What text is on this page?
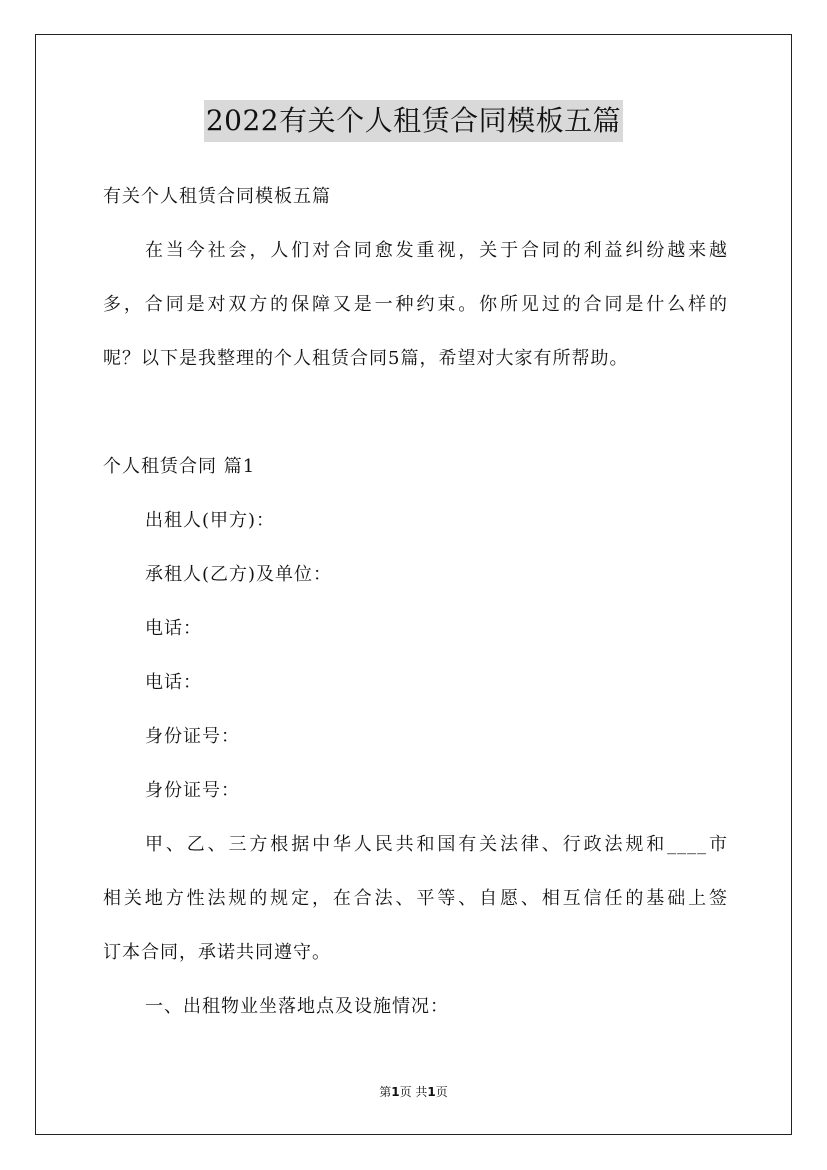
2022有关个人租赁合同模板五篇
有关个人租赁合同模板五篇
在当今社会，人们对合同愈发重视，关于合同的利益纠纷越来越
多，合同是对双方的保障又是一种约束。你所见过的合同是什么样的
呢？以下是我整理的个人租赁合同5篇，希望对大家有所帮助。
个人租赁合同 篇1
出租人(甲方)：
承租人(乙方)及单位：
电话：
电话：
身份证号：
身份证号：
甲、乙、三方根据中华人民共和国有关法律、行政法规和____市
相关地方性法规的规定，在合法、平等、自愿、相互信任的基础上签
订本合同，承诺共同遵守。
一、出租物业坐落地点及设施情况：
第1页 共1页
